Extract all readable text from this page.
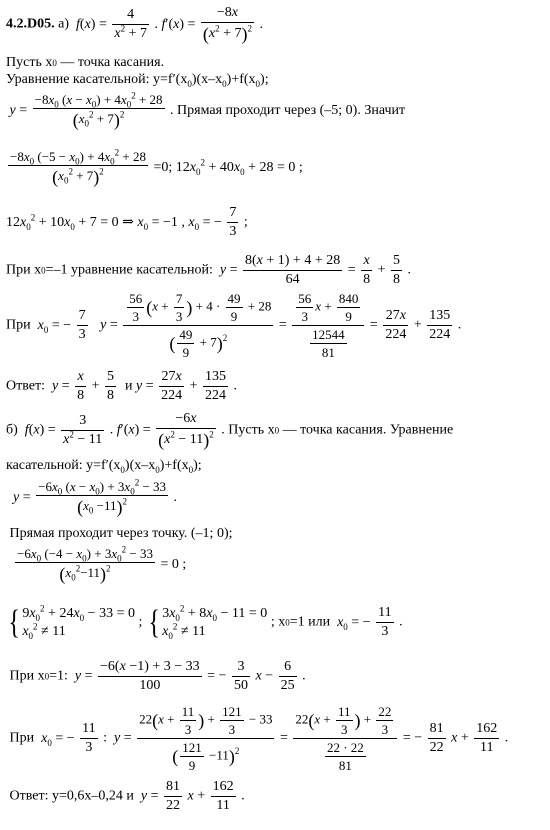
4.2.D05. а) $f(x) = \frac{4}{x^2 + 7}$ . $f'(x) = \frac{-8x}{(x^2 + 7)^2}$ .
Пусть x0 — точка касания.
Уравнение касательной: $y=f'(x_0)(x-x_0)+f(x_0)$;
$y = \frac{-8x_0 (x - x_0) + 4x_0^2 + 28}{(x_0^2 + 7)^2}$ . Прямая проходит через (–5; 0). Значит
$\frac{-8x_0 (-5 - x_0) + 4x_0^2 + 28}{(x_0^2 + 7)^2} =0$; $12x_0^2 + 40x_0 + 28 = 0$ ;
$12x_0^2 + 10x_0 + 7 = 0$ ⇒ $x_0 = -1$ , $x_0$ = − $\frac{7}{3}$ ;
При x0=–1 уравнение касательной: $y = \frac{8(x + 1) + 4 + 28}{64} = \frac{x}{8} + \frac{5}{8}$ .
При $x_0$ = − $\frac{7}{3}$ $y = \frac{\frac{56}{3} (x + \frac{7}{3} ) + 4 \cdot \frac{49}{9} + 28}{( \frac{49}{9} + 7)^2} = \frac{\frac{56}{3} x + \frac{840}{9}}{\frac{12544}{81}} = \frac{27x}{224} + \frac{135}{224}$ .
Ответ: $y = \frac{x}{8} + \frac{5}{8}$ и $y = \frac{27x}{224} + \frac{135}{224}$ .
б) $f(x) = \frac{3}{x^2 - 11}$ . $f'(x) = \frac{-6x}{(x^2 - 11)^2}$ . Пусть x0 — точка касания. Уравнение
касательной: $y=f'(x_0)(x-x_0)+f(x_0)$;
$y = \frac{-6x_0 (x - x_0) + 3x_0^2 - 33}{(x_0 -11)^2}$ .
Прямая проходит через точку. (–1; 0);

$\frac{-6x_0 (-4 - x_0) + 3x_0^2 - 33}{(x_0^2-11)^2} = 0$ ;
{ $9x_0^2 + 24x_0 - 33 = 0$
$x_0^2 \ne 11$
; { $3x_0^2 + 8x_0 - 11 = 0$
$x_0^2 \ne 11$
; x0=1 или $x_0$ = − $\frac{11}{3}$ .
При x0=1: $y = \frac{-6(x -1) + 3 - 33}{100}$ = − $\frac{3}{50}$ $x - \frac{6}{25}$ .
При $x_0$ = − $\frac{11}{3}$ :  $y = \frac{22(x + \frac{11}{3} ) + \frac{121}{3} - 33}{( \frac{121}{9} -11)^2} = \frac{22(x + \frac{11}{3} ) + \frac{22}{3}}{\frac{22 \cdot 22}{81}}$ = − $\frac{81}{22}$ $x + \frac{162}{11}$ .
Ответ: y=0,6x–0,24 и $y = \frac{81}{22}$ $x + \frac{162}{11}$ .
